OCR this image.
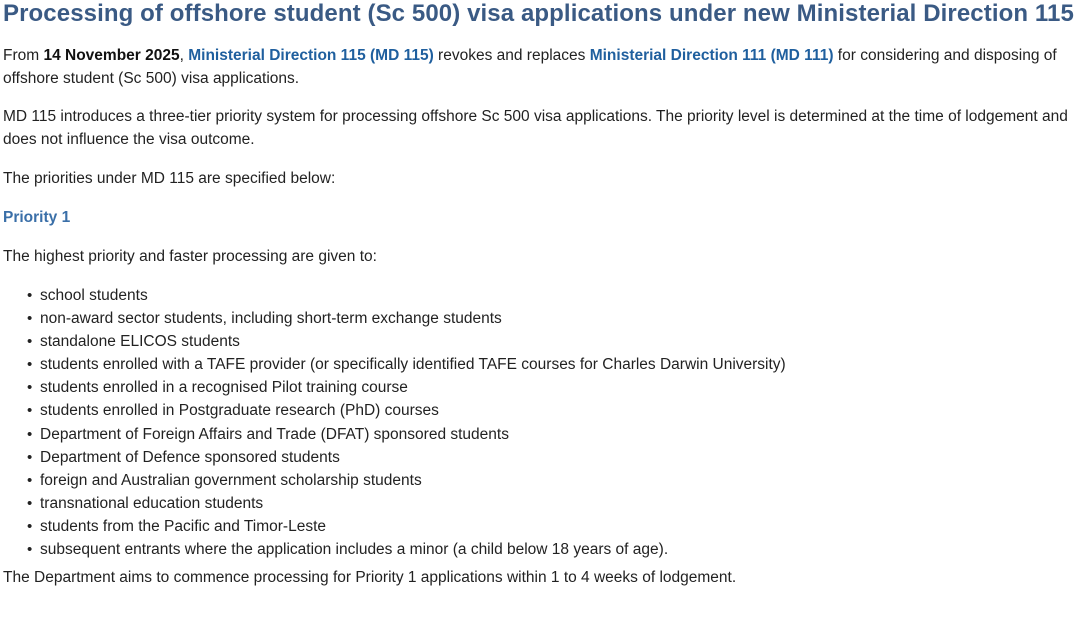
Processing of offshore student (Sc 500) visa applications under new Ministerial Direction 115

From 14 November 2025, Ministerial Direction 115 (MD 115) revokes and replaces Ministerial Direction 111 (MD 111) for considering and disposing of offshore student (Sc 500) visa applications.

MD 115 introduces a three-tier priority system for processing offshore Sc 500 visa applications. The priority level is determined at the time of lodgement and does not influence the visa outcome.

The priorities under MD 115 are specified below:

Priority 1

The highest priority and faster processing are given to:

• school students
• non-award sector students, including short-term exchange students
• standalone ELICOS students
• students enrolled with a TAFE provider (or specifically identified TAFE courses for Charles Darwin University)
• students enrolled in a recognised Pilot training course
• students enrolled in Postgraduate research (PhD) courses
• Department of Foreign Affairs and Trade (DFAT) sponsored students
• Department of Defence sponsored students
• foreign and Australian government scholarship students
• transnational education students
• students from the Pacific and Timor-Leste
• subsequent entrants where the application includes a minor (a child below 18 years of age).

The Department aims to commence processing for Priority 1 applications within 1 to 4 weeks of lodgement.
